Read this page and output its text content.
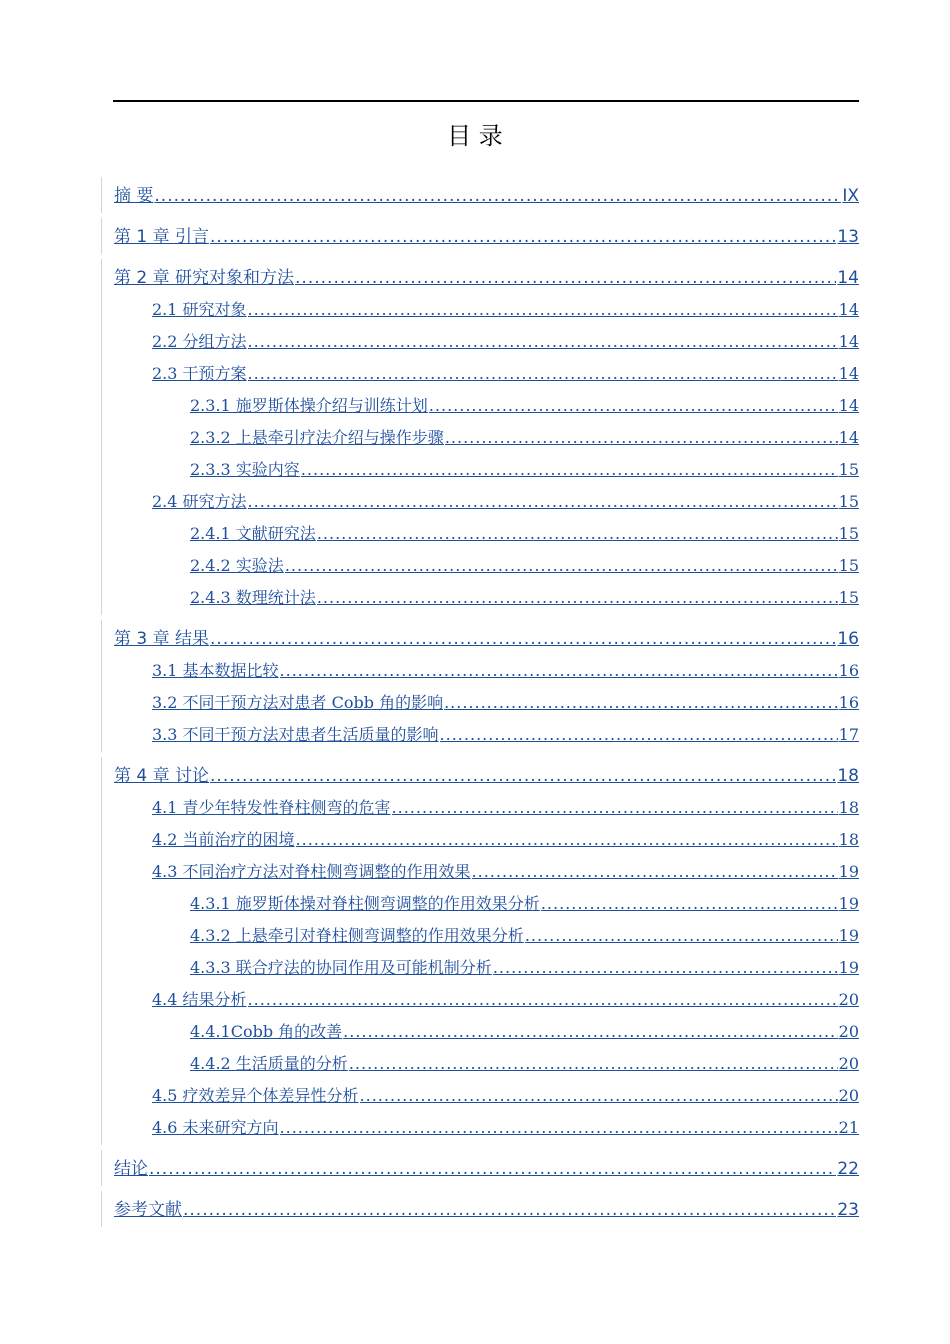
目 录
摘 要 .....	IX
第 1 章 引言 .....	13
第 2 章 研究对象和方法 .....	14
2.1 研究对象 .....	14
2.2 分组方法 .....	14
2.3 干预方案 .....	14
2.3.1 施罗斯体操介绍与训练计划 .....	14
2.3.2 上悬牵引疗法介绍与操作步骤 .....	14
2.3.3 实验内容 .....	15
2.4 研究方法 .....	15
2.4.1 文献研究法 .....	15
2.4.2 实验法 .....	15
2.4.3 数理统计法 .....	15
第 3 章 结果 .....	16
3.1 基本数据比较 .....	16
3.2 不同干预方法对患者 Cobb 角的影响 .....	16
3.3 不同干预方法对患者生活质量的影响 .....	17
第 4 章 讨论 .....	18
4.1 青少年特发性脊柱侧弯的危害 .....	18
4.2 当前治疗的困境 .....	18
4.3 不同治疗方法对脊柱侧弯调整的作用效果 .....	19
4.3.1 施罗斯体操对脊柱侧弯调整的作用效果分析 .....	19
4.3.2 上悬牵引对脊柱侧弯调整的作用效果分析 .....	19
4.3.3 联合疗法的协同作用及可能机制分析 .....	19
4.4 结果分析 .....	20
4.4.1Cobb 角的改善 .....	20
4.4.2 生活质量的分析 .....	20
4.5 疗效差异个体差异性分析 .....	20
4.6 未来研究方向 .....	21
结论 .....	22
参考文献 .....	23
